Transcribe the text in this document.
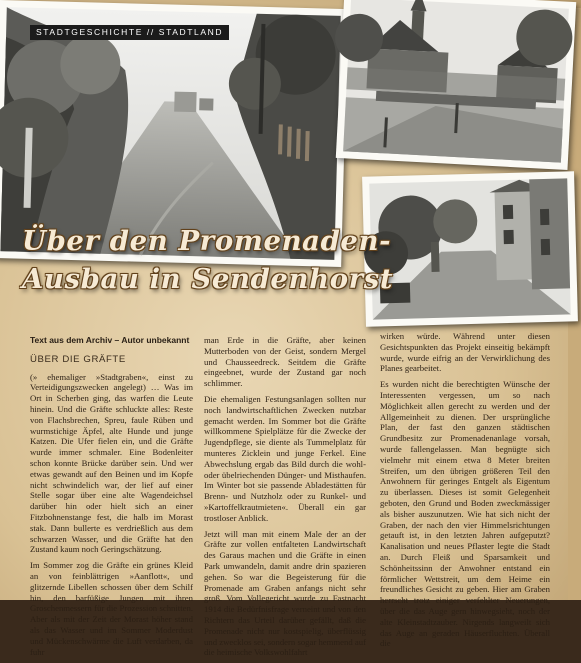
STADTGESCHICHTE // STADTLAND
Über den Promenaden-
Ausbau in Sendenhorst
Text aus dem Archiv – Autor unbekannt
ÜBER DIE GRÄFTE

(» ehemaliger »Stadtgraben«, einst zu Verteidigungszwecken angelegt) … Was im Ort in Scherben ging, das warfen die Leute hinein. Und die Gräfte schluckte alles: Reste von Flachsbrechen, Spreu, faule Rüben und wurmstichige Äpfel, alte Hunde und junge Katzen. Die Ufer fielen ein, und die Gräfte wurde immer schmaler. Eine Bodenleiter schon konnte Brücke darüber sein. Und wer etwas gewandt auf den Beinen und im Kopfe nicht schwindelich war, der lief auf einer Stelle sogar über eine alte Wagendeichsel darüber hin oder hielt sich an einer Fitzbohnenstange fest, die halb im Morast stak. Dann bullerte es verdrießlich aus dem schwarzen Wasser, und die Gräfte hat den Zustand kaum noch Geringschätzung.

Im Sommer zog die Gräfte ein grünes Kleid an von feinblättrigen »Aanflott«, und glitzernde Libellen schossen über dem Schilf hin, den barfüßige Jungen mit ihren Groschenmessern für die Prozession schnitten. Aber als mit der Zeit der Morast höher stand als das Wasser und im Sommer Moderdust und Mückenschwärme die Luft verdarben, da fuhr

man Erde in die Gräfte, aber keinen Mutterboden von der Geist, sondern Mergel und Chausseedreck. Seitdem die Gräfte eingeebnet, wurde der Zustand gar noch schlimmer.

Die ehemaligen Festungsanlagen sollten nur noch landwirtschaftlichen Zwecken nutzbar gemacht werden. Im Sommer bot die Gräfte willkommene Spielplätze für die Zwecke der Jugendpflege, sie diente als Tummelplatz für munteres Zicklein und junge Ferkel. Eine Abwechslung ergab das Bild durch die wohl- oder übelriechenden Dünger- und Misthaufen. Im Winter bot sie passende Abladestätten für Brenn- und Nutzholz oder zu Runkel- und »Kartoffelkrautmieten«. Überall ein gar trostloser Anblick.

Jetzt will man mit einem Male der an der Gräfte zur vollen entfalteten Landwirtschaft des Garaus machen und die Gräfte in einen Park umwandeln, damit andre drin spazieren gehen. So war die Begeisterung für die Promenade am Graben anfangs nicht sehr groß. Vom Vollegericht wurde zu Fastnacht 1914 die Bedürfnisfrage verneint und von den Richtern das Urteil darüber gefällt, daß die Promenade nicht nur kostspielig, überflüssig und zwecklos sei, sondern sogar hemmend auf die heimische Volkswohlfahrt

wirken würde. Während unter diesen Gesichtspunkten das Projekt einseitig bekämpft wurde, wurde eifrig an der Verwirklichung des Planes gearbeitet.

Es wurden nicht die berechtigten Wünsche der Interessenten vergessen, um so nach Möglichkeit allen gerecht zu werden und der Allgemeinheit zu dienen. Der ursprüngliche Plan, der fast den ganzen städtischen Grundbesitz zur Promenadenanlage vorsah, wurde fallengelassen. Man begnügte sich vielmehr mit einem etwa 8 Meter breiten Streifen, um den übrigen größeren Teil den Anwohnern für geringes Entgelt als Eigentum zu überlassen. Dieses ist somit Gelegenheit geboten, den Grund und Boden zweckmässiger als bisher auszunutzen. Wie hat sich nicht der Graben, der nach den vier Himmelsrichtungen getauft ist, in den letzten Jahren aufgeputzt? Kanalisation und neues Pflaster legte die Stadt an. Durch Fleiß und Sparsamkeit und Schönheitssinn der Anwohner entstand ein förmlicher Wettstreit, um dem Heime ein freundliches Gesicht zu geben. Hier am Graben herrscht trotz einiger verfehlter Neuerungen, über die das Auge gern hinwegsieht, noch der alte Kleinstadtzauber. Nirgends langweilt sich das Auge an geraden Häuserfluchten. Überall die
